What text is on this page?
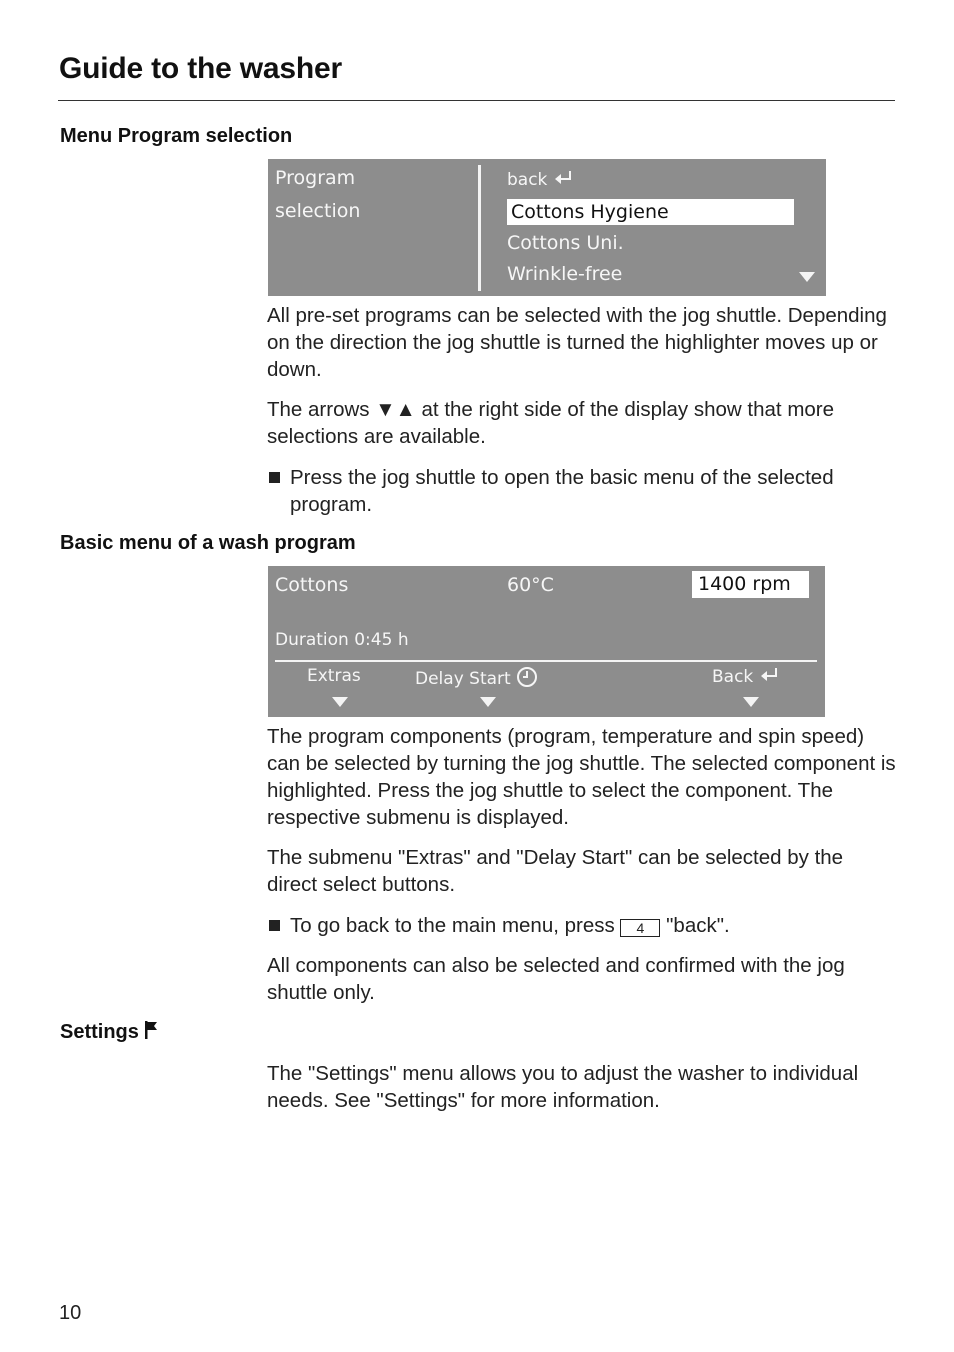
Guide to the washer
Menu Program selection
Program
selection
back
Cottons Hygiene
Cottons Uni.
Wrinkle-free
All pre-set programs can be selected with the jog shuttle. Depending on the direction the jog shuttle is turned the highlighter moves up or down.
The arrows ▼▲ at the right side of the display show that more selections are available.
Press the jog shuttle to open the basic menu of the selected program.
Basic menu of a wash program
Cottons	60°C	1400 rpm
Duration 0:45 h
Extras	Delay Start	Back
The program components (program, temperature and spin speed) can be selected by turning the jog shuttle. The selected component is highlighted. Press the jog shuttle to select the component. The respective submenu is displayed.
The submenu "Extras" and "Delay Start" can be selected by the direct select buttons.
To go back to the main menu, press 4 "back".
All components can also be selected and confirmed with the jog shuttle only.
Settings
The "Settings" menu allows you to adjust the washer to individual needs. See "Settings" for more information.
10
